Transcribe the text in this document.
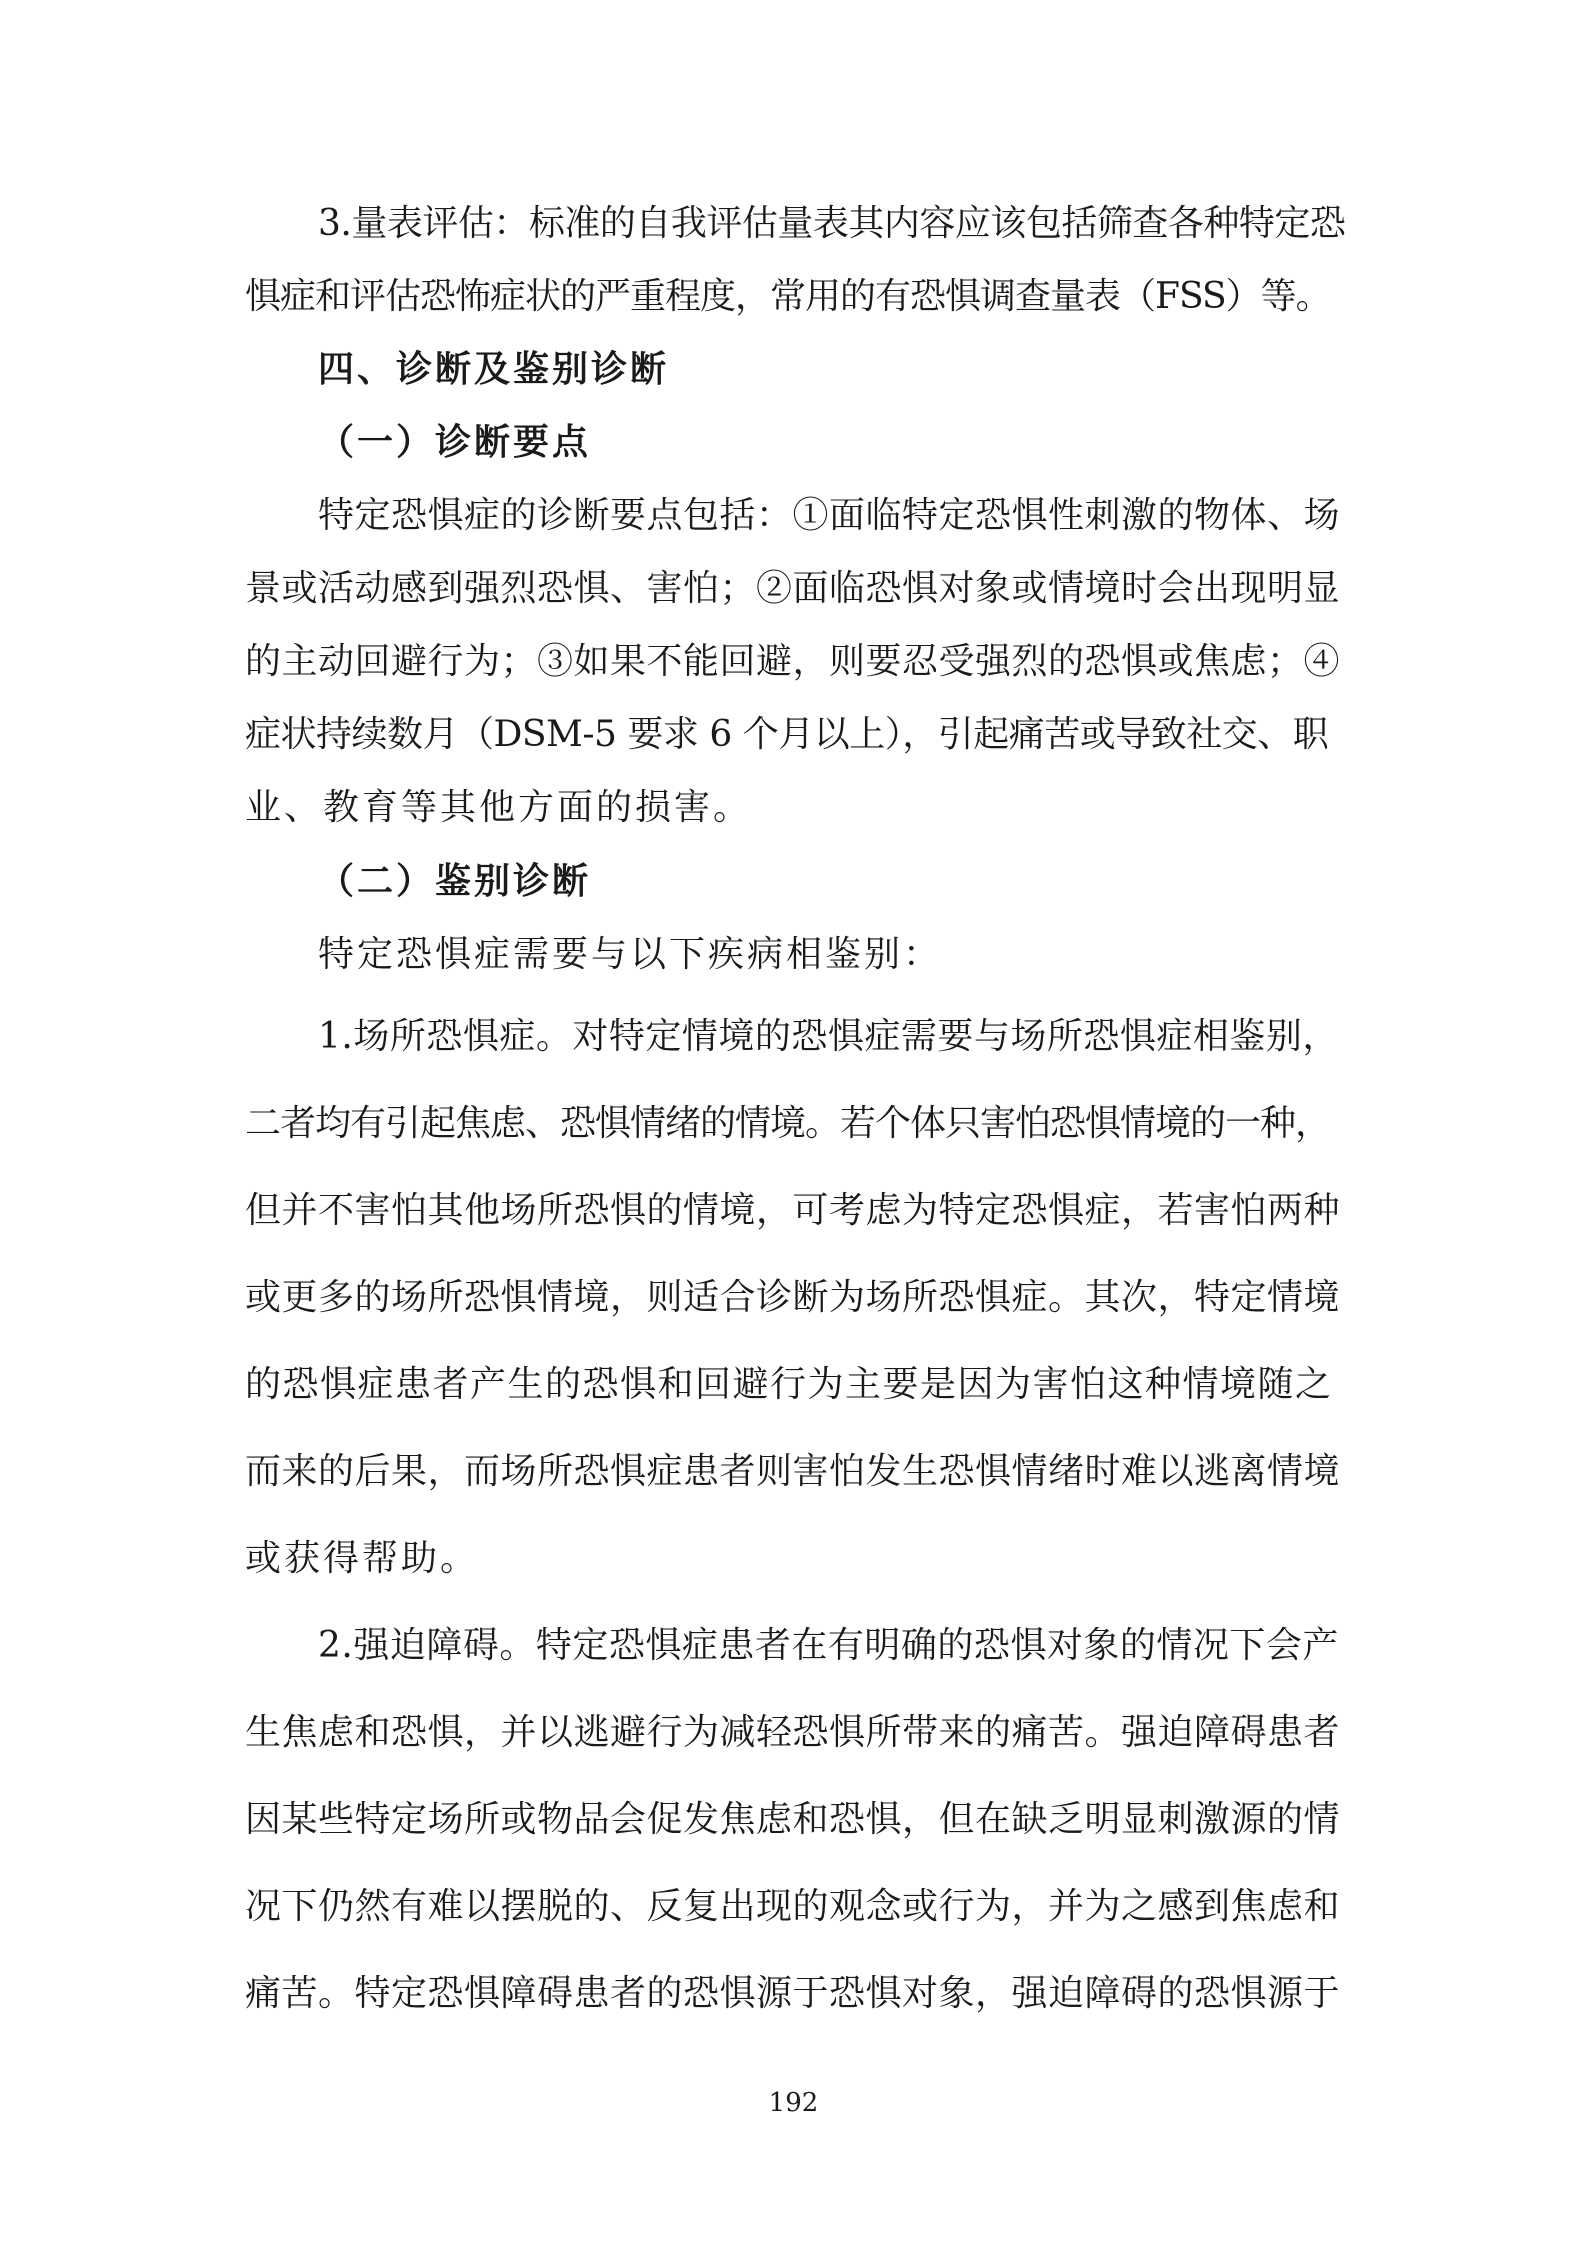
3.量表评估：标准的自我评估量表其内容应该包括筛查各种特定恐
惧症和评估恐怖症状的严重程度，常用的有恐惧调查量表（FSS）等。
四、诊断及鉴别诊断
（一）诊断要点
特定恐惧症的诊断要点包括：①面临特定恐惧性刺激的物体、场
景或活动感到强烈恐惧、害怕；②面临恐惧对象或情境时会出现明显
的主动回避行为；③如果不能回避，则要忍受强烈的恐惧或焦虑；④
症状持续数月（DSM-5 要求 6 个月以上），引起痛苦或导致社交、职
业、教育等其他方面的损害。
（二）鉴别诊断
特定恐惧症需要与以下疾病相鉴别：
1.场所恐惧症。对特定情境的恐惧症需要与场所恐惧症相鉴别，
二者均有引起焦虑、恐惧情绪的情境。若个体只害怕恐惧情境的一种，
但并不害怕其他场所恐惧的情境，可考虑为特定恐惧症，若害怕两种
或更多的场所恐惧情境，则适合诊断为场所恐惧症。其次，特定情境
的恐惧症患者产生的恐惧和回避行为主要是因为害怕这种情境随之
而来的后果，而场所恐惧症患者则害怕发生恐惧情绪时难以逃离情境
或获得帮助。
2.强迫障碍。特定恐惧症患者在有明确的恐惧对象的情况下会产
生焦虑和恐惧，并以逃避行为减轻恐惧所带来的痛苦。强迫障碍患者
因某些特定场所或物品会促发焦虑和恐惧，但在缺乏明显刺激源的情
况下仍然有难以摆脱的、反复出现的观念或行为，并为之感到焦虑和
痛苦。特定恐惧障碍患者的恐惧源于恐惧对象，强迫障碍的恐惧源于
192
